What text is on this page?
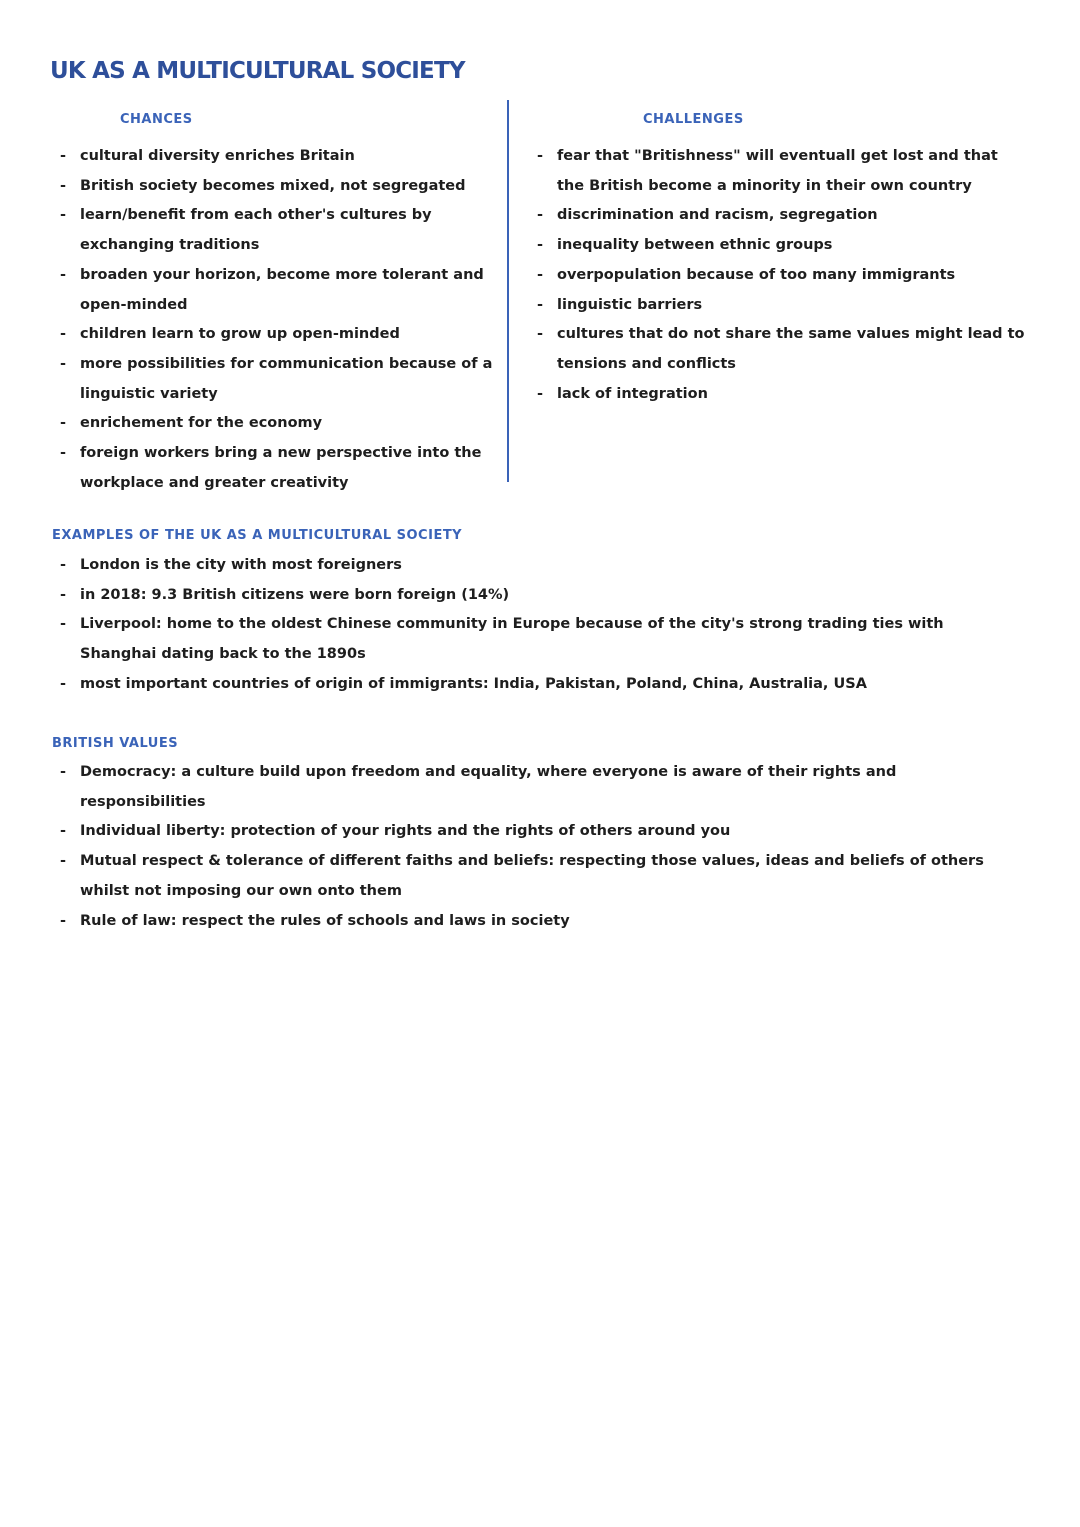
UK AS A MULTICULTURAL SOCIETY
CHANCES
- cultural diversity enriches Britain
- British society becomes mixed, not segregated
- learn/benefit from each other's cultures by exchanging traditions
- broaden your horizon, become more tolerant and open-minded
- children learn to grow up open-minded
- more possibilities for communication because of a linguistic variety
- enrichement for the economy
- foreign workers bring a new perspective into the workplace and greater creativity
CHALLENGES
- fear that "Britishness" will eventuall get lost and that the British become a minority in their own country
- discrimination and racism, segregation
- inequality between ethnic groups
- overpopulation because of too many immigrants
- linguistic barriers
- cultures that do not share the same values might lead to tensions and conflicts
- lack of integration
EXAMPLES OF THE UK AS A MULTICULTURAL SOCIETY
- London is the city with most foreigners
- in 2018: 9.3 British citizens were born foreign (14%)
- Liverpool: home to the oldest Chinese community in Europe because of the city's strong trading ties with Shanghai dating back to the 1890s
- most important countries of origin of immigrants: India, Pakistan, Poland, China, Australia, USA
BRITISH VALUES
- Democracy: a culture build upon freedom and equality, where everyone is aware of their rights and responsibilities
- Individual liberty: protection of your rights and the rights of others around you
- Mutual respect & tolerance of different faiths and beliefs: respecting those values, ideas and beliefs of others whilst not imposing our own onto them
- Rule of law: respect the rules of schools and laws in society
